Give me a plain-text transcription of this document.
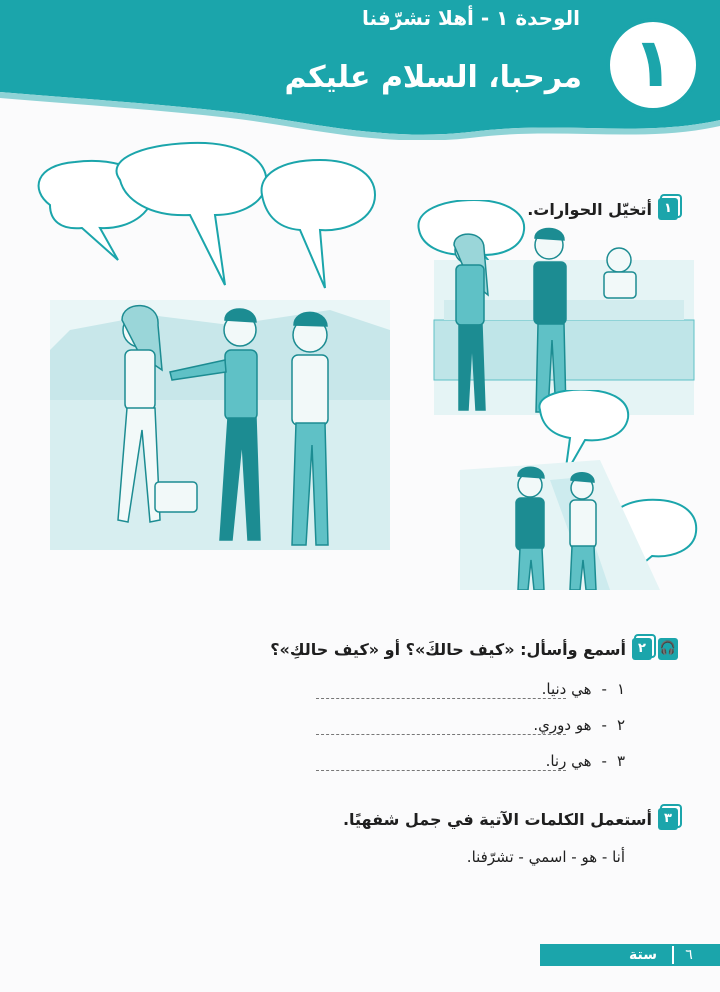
الوحدة ١ - أهلا تشرّفنا
مرحبا، السلام عليكم ١
١
أتخيّل الحوارات.
🎧
٢
أسمع وأسأل: «كيف حالكَ»؟ أو «كيف حالكِ»؟
١
-
هي دنيا.
٢
-
هو دوري.
٣
-
هي رنا.
٣
أستعمل الكلمات الآتية في جمل شفهيًا.
أنا - هو - اسمي - تشرّفنا.
٦
ستة
